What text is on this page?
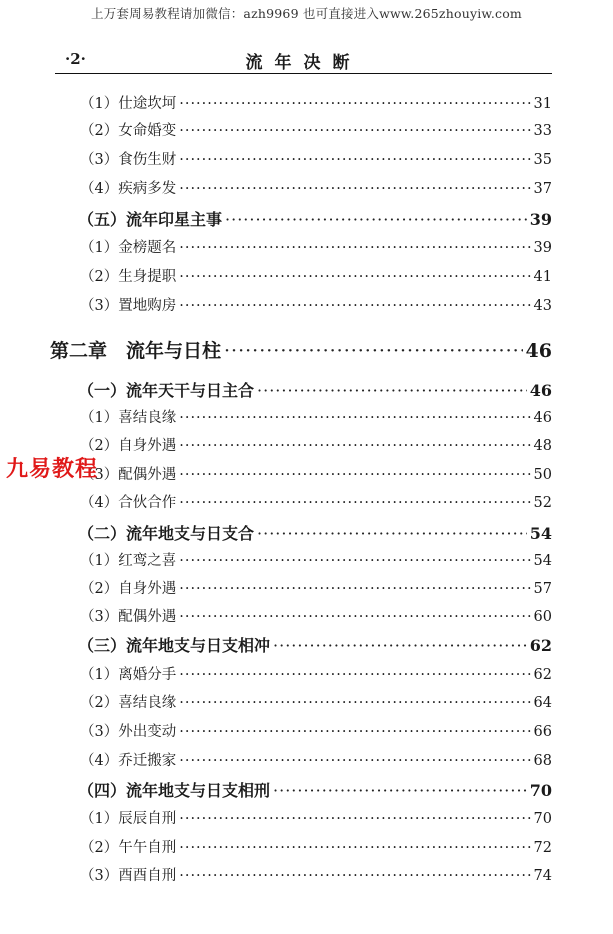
上万套周易教程请加微信：azh9969 也可直接进入www.265zhouyiw.com
·2·	流年决断
（1）仕途坎坷 ·····	31
（2）女命婚变 ·····	33
（3）食伤生财 ·····	35
（4）疾病多发 ·····	37
（五）流年印星主事 ·····	39
（1）金榜题名 ·····	39
（2）生身提职 ·····	41
（3）置地购房 ·····	43
第二章　流年与日柱 ·····	46
（一）流年天干与日主合 ·····	46
（1）喜结良缘 ·····	46
（2）自身外遇 ·····	48
（3）配偶外遇 ·····	50
（4）合伙合作 ·····	52
（二）流年地支与日支合 ·····	54
（1）红鸾之喜 ·····	54
（2）自身外遇 ·····	57
（3）配偶外遇 ·····	60
（三）流年地支与日支相冲 ·····	62
（1）离婚分手 ·····	62
（2）喜结良缘 ·····	64
（3）外出变动 ·····	66
（4）乔迁搬家 ·····	68
（四）流年地支与日支相刑 ·····	70
（1）辰辰自刑 ·····	70
（2）午午自刑 ·····	72
（3）酉酉自刑 ·····	74
九易教程
